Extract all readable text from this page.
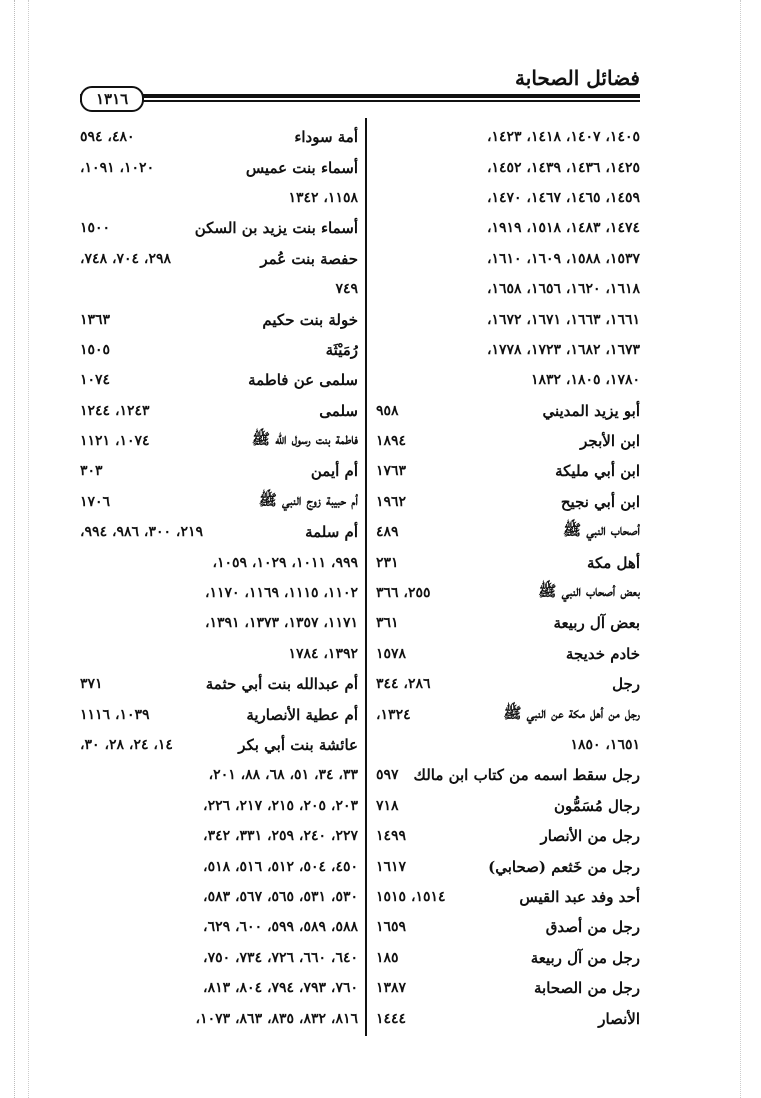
فضائل الصحابة
١٣١٦
١٤٠٥، ١٤٠٧، ١٤١٨، ١٤٢٣،
١٤٢٥، ١٤٣٦، ١٤٣٩، ١٤٥٢،
١٤٥٩، ١٤٦٥، ١٤٦٧، ١٤٧٠،
١٤٧٤، ١٤٨٣، ١٥١٨، ١٩١٩،
١٥٣٧، ١٥٨٨، ١٦٠٩، ١٦١٠،
١٦١٨، ١٦٢٠، ١٦٥٦، ١٦٥٨،
١٦٦١، ١٦٦٣، ١٦٧١، ١٦٧٢،
١٦٧٣، ١٦٨٢، ١٧٢٣، ١٧٧٨،
١٧٨٠، ١٨٠٥، ١٨٣٢
أبو يزيد المديني
٩٥٨
ابن الأبجر
١٨٩٤
ابن أبي مليكة
١٧٦٣
ابن أبي نجيح
١٩٦٢
أصحاب النبي ﷺ
٤٨٩
أهل مكة
٢٣١
بعض أصحاب النبي ﷺ
٢٥٥، ٣٦٦
بعض آل ربيعة
٣٦١
خادم خديجة
١٥٧٨
رجل
٢٨٦، ٣٤٤
رجل من أهل مكة عن النبي ﷺ
١٣٢٤،
١٦٥١، ١٨٥٠
رجل سقط اسمه من كتاب ابن مالك
٥٩٧
رجال مُسَمُّون
٧١٨
رجل من الأنصار
١٤٩٩
رجل من خَثعم (صحابي)
١٦١٧
أحد وفد عبد القيس
١٥١٤، ١٥١٥
رجل من أصدق
١٦٥٩
رجل من آل ربيعة
١٨٥
رجل من الصحابة
١٣٨٧
الأنصار
١٤٤٤
أمة سوداء
٤٨٠، ٥٩٤
أسماء بنت عميس
١٠٢٠، ١٠٩١،
١١٥٨، ١٣٤٢
أسماء بنت يزيد بن السكن
١٥٠٠
حفصة بنت عُمر
٢٩٨، ٧٠٤، ٧٤٨،
٧٤٩
خولة بنت حكيم
١٣٦٣
رُمَيْثَة
١٥٠٥
سلمى عن فاطمة
١٠٧٤
سلمى
١٢٤٣، ١٢٤٤
فاطمة بنت رسول الله ﷺ
١٠٧٤، ١١٢١
أم أيمن
٣٠٣
أم حبيبة زوج النبي ﷺ
١٧٠٦
أم سلمة
٢١٩، ٣٠٠، ٩٨٦، ٩٩٤،
٩٩٩، ١٠١١، ١٠٢٩، ١٠٥٩،
١١٠٢، ١١١٥، ١١٦٩، ١١٧٠،
١١٧١، ١٣٥٧، ١٣٧٣، ١٣٩١،
١٣٩٢، ١٧٨٤
أم عبدالله بنت أبي حثمة
٣٧١
أم عطية الأنصارية
١٠٣٩، ١١١٦
عائشة بنت أبي بكر
١٤، ٢٤، ٢٨، ٣٠،
٣٣، ٣٤، ٥١، ٦٨، ٨٨، ٢٠١،
٢٠٣، ٢٠٥، ٢١٥، ٢١٧، ٢٢٦،
٢٢٧، ٢٤٠، ٢٥٩، ٣٣١، ٣٤٢،
٤٥٠، ٥٠٤، ٥١٢، ٥١٦، ٥١٨،
٥٣٠، ٥٣١، ٥٦٥، ٥٦٧، ٥٨٣،
٥٨٨، ٥٨٩، ٥٩٩، ٦٠٠، ٦٢٩،
٦٤٠، ٦٦٠، ٧٢٦، ٧٣٤، ٧٥٠،
٧٦٠، ٧٩٣، ٧٩٤، ٨٠٤، ٨١٣،
٨١٦، ٨٣٢، ٨٣٥، ٨٦٣، ١٠٧٣،
